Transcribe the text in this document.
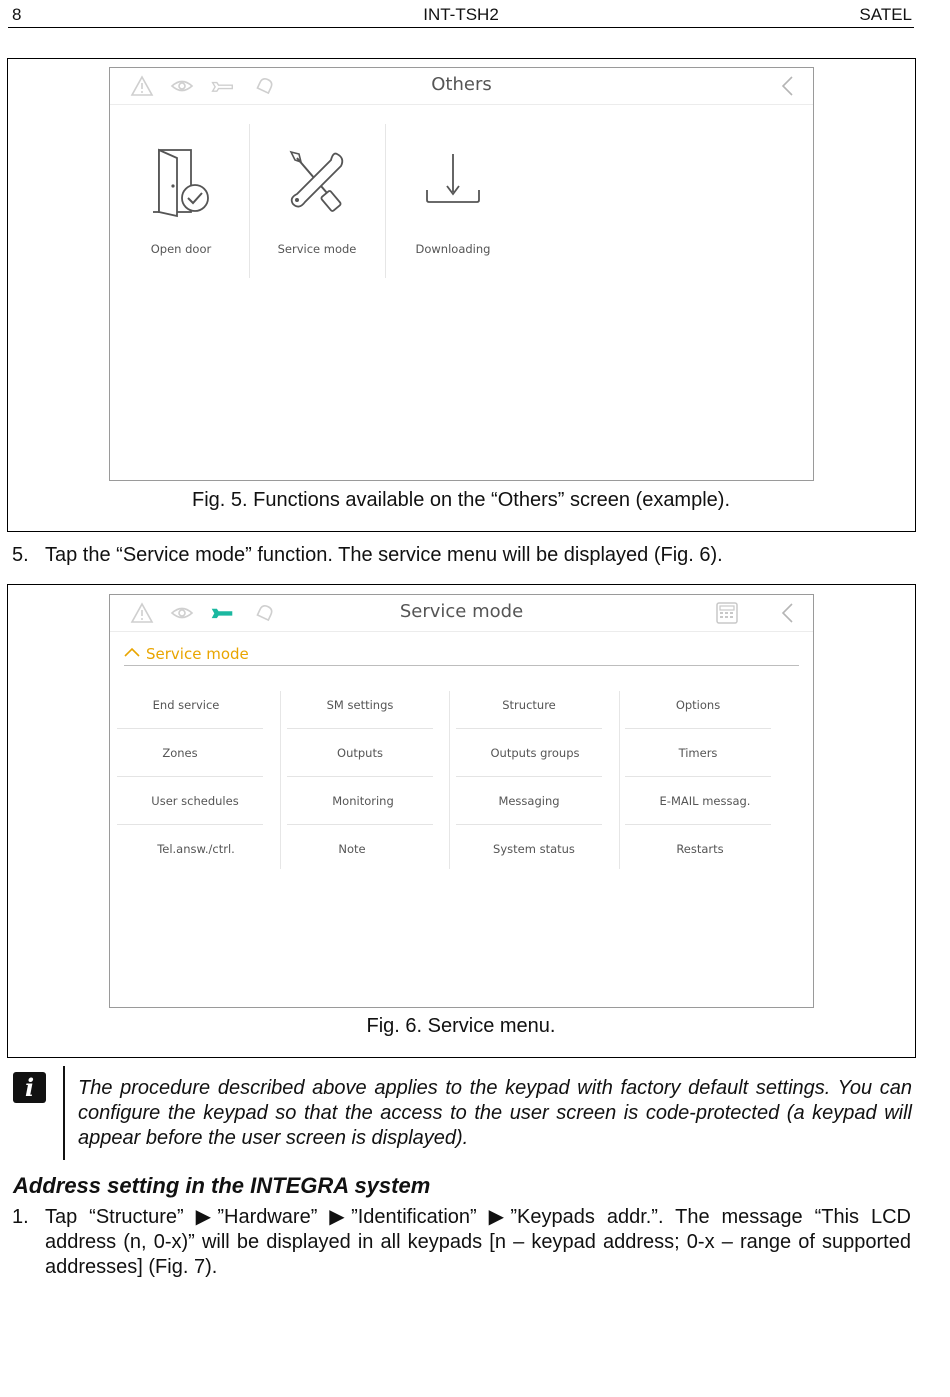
8	INT-TSH2	SATEL
Others
Open door	Service mode	Downloading
Fig. 5. Functions available on the “Others” screen (example).
5. Tap the “Service mode” function. The service menu will be displayed (Fig. 6).
Service mode
Service mode
End service	SM settings	Structure	Options
Zones	Outputs	Outputs groups	Timers
User schedules	Monitoring	Messaging	E-MAIL messag.
Tel.answ./ctrl.	Note	System status	Restarts
Fig. 6. Service menu.
i	The procedure described above applies to the keypad with factory default settings. You can configure the keypad so that the access to the user screen is code-protected (a keypad will appear before the user screen is displayed).
Address setting in the INTEGRA system
1. Tap “Structure” ▶”Hardware” ▶”Identification” ▶”Keypads addr.”. The message “This LCD address (n, 0-x)” will be displayed in all keypads [n – keypad address; 0-x – range of supported addresses] (Fig. 7).
